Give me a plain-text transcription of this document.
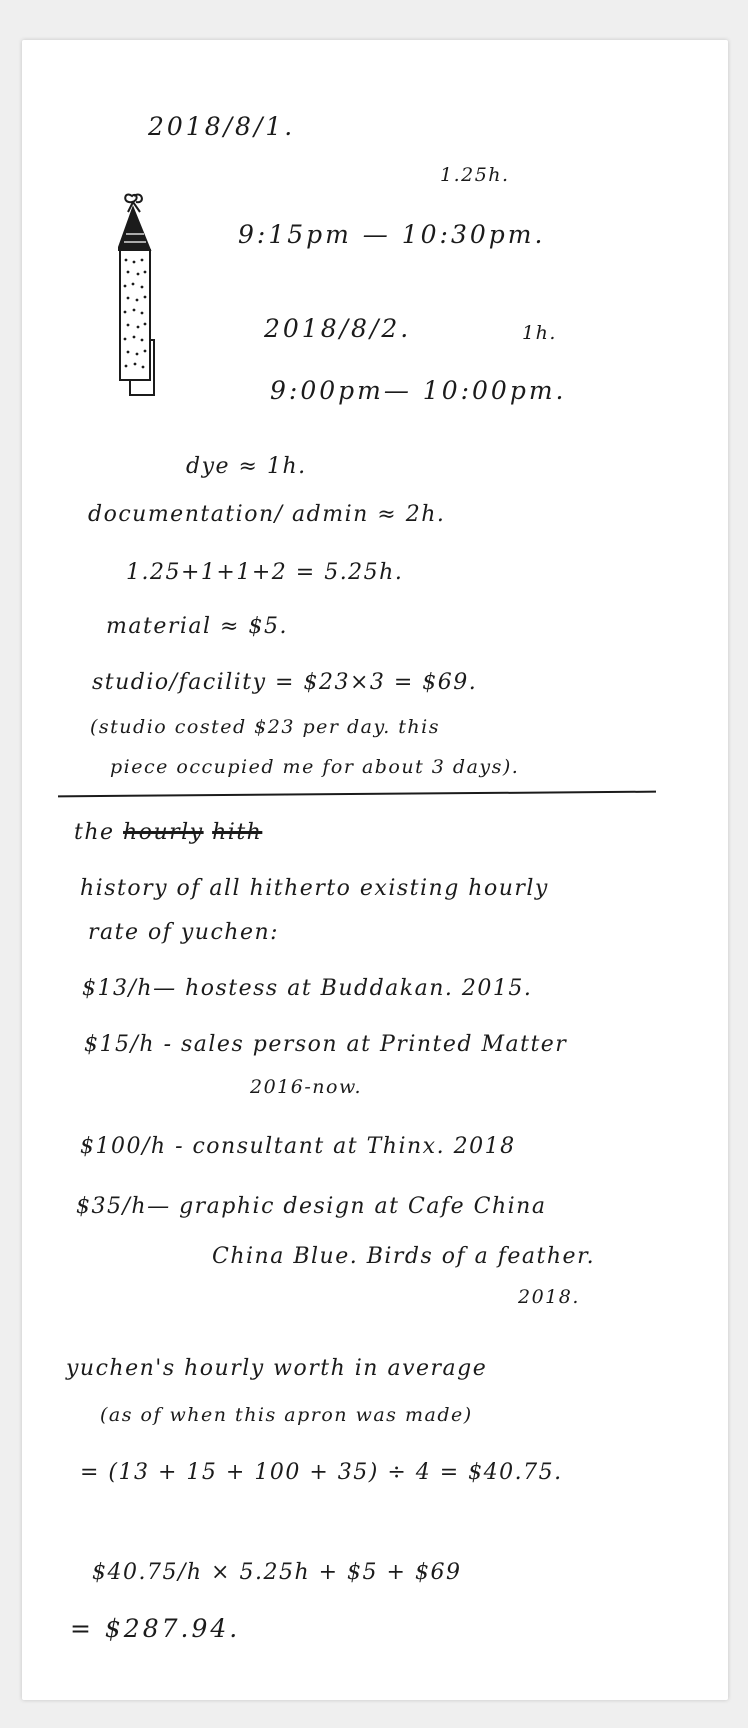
2018/8/1.
1.25h.
9:15pm — 10:30pm.
2018/8/2.	1h.
9:00pm— 10:00pm.
dye ≈ 1h.
documentation/ admin ≈ 2h.
1.25+1+1+2 = 5.25h.
material ≈ $5.
studio/facility = $23×3 = $69.
(studio costed $23 per day. this
piece occupied me for about 3 days).
the hourly hith
history of all hitherto existing hourly
rate of yuchen:
$13/h— hostess at Buddakan. 2015.
$15/h - sales person at Printed Matter
2016-now.
$100/h - consultant at Thinx. 2018
$35/h— graphic design at Cafe China
China Blue. Birds of a feather.
2018.
yuchen's hourly worth in average
(as of when this apron was made)
= (13 + 15 + 100 + 35) ÷ 4 = $40.75.
$40.75/h × 5.25h + $5 + $69
= $287.94.
